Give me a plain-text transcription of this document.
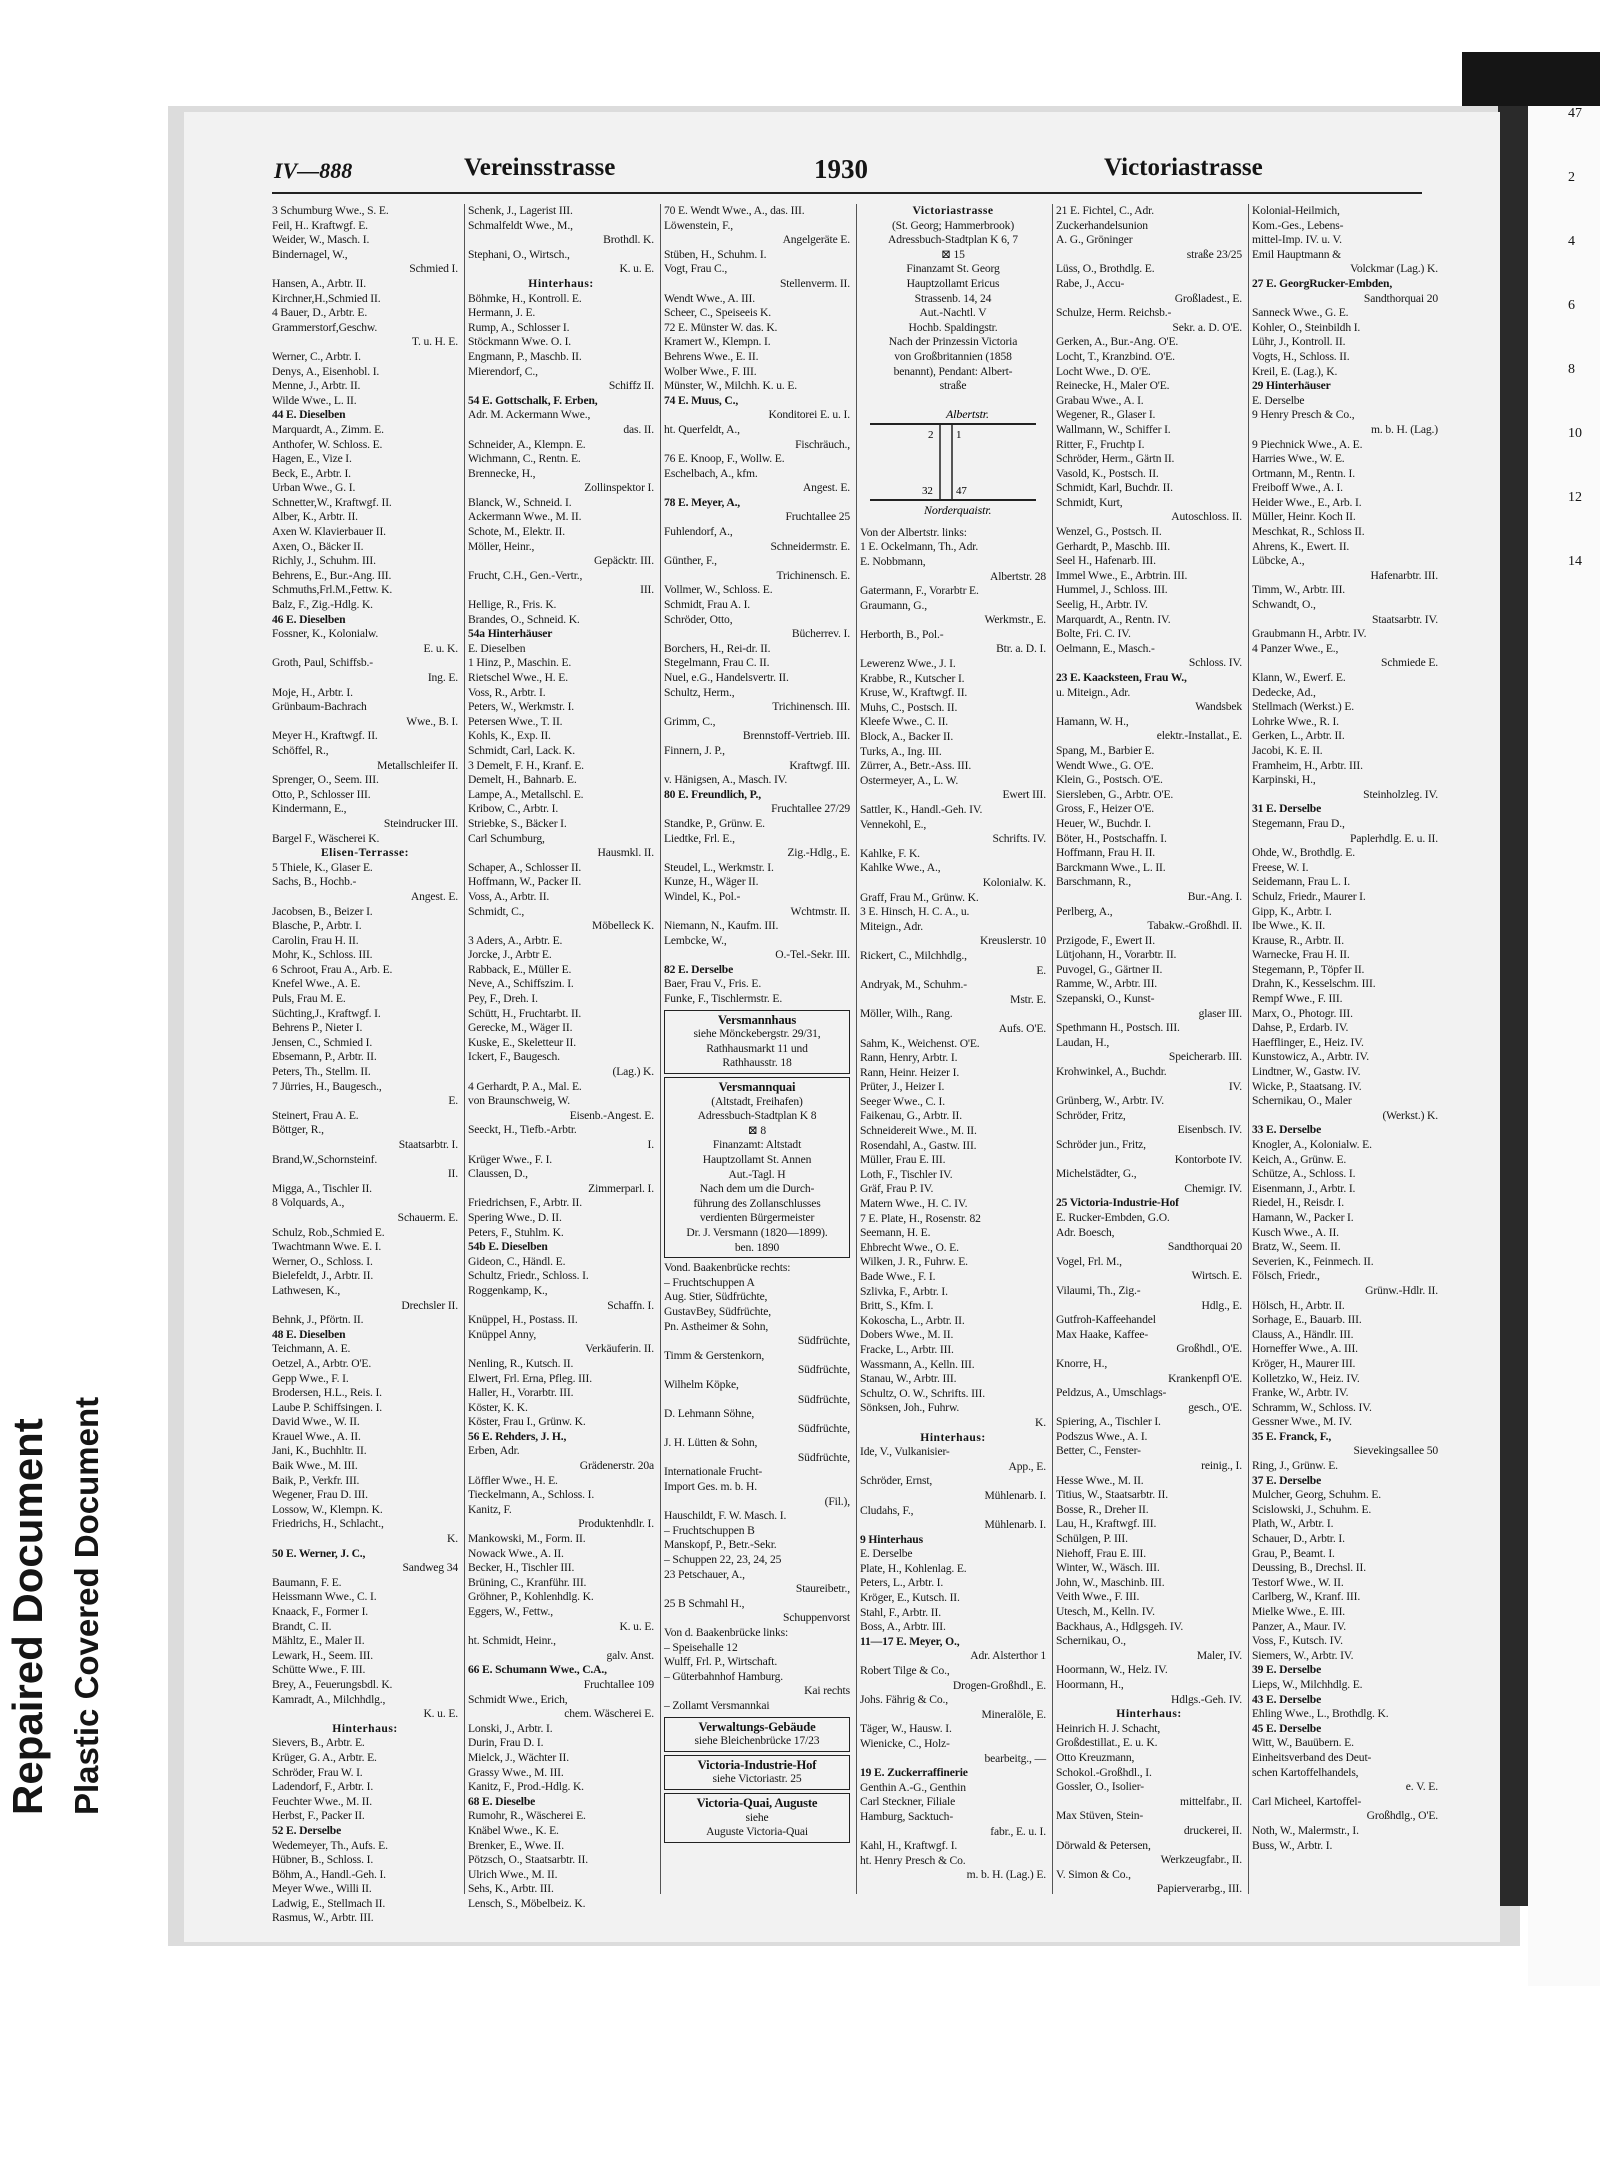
47
2
4
6
8
10
12
14
Repaired Document Plastic Covered Document
IV—888	Vereinsstrasse	1930	Victoriastrasse
3 Schumburg Wwe., S. E.
Feil, H.. Kraftwgf. E.
Weider, W., Masch. I.
Bindernagel, W.,
Schmied I.
Hansen, A., Arbtr. II.
Kirchner,H.,Schmied II.
4 Bauer, D., Arbtr. E.
Grammerstorf,Geschw.
T. u. H. E.
Werner, C., Arbtr. I.
Denys, A., Eisenhobl. I.
Menne, J., Arbtr. II.
Wilde Wwe., L. II.
44 E. Dieselben
Marquardt, A., Zimm. E.
Anthofer, W. Schloss. E.
Hagen, E., Vize I.
Beck, E., Arbtr. I.
Urban Wwe., G. I.
Schnetter,W., Kraftwgf. II.
Alber, K., Arbtr. II.
Axen W. Klavierbauer II.
Axen, O., Bäcker II.
Richly, J., Schuhm. III.
Behrens, E., Bur.-Ang. III.
Schmuths,Frl.M.,Fettw. K.
Balz, F., Zig.-Hdlg. K.
46 E. Dieselben
Fossner, K., Kolonialw.
E. u. K.
Groth, Paul, Schiffsb.-
Ing. E.
Moje, H., Arbtr. I.
Grünbaum-Bachrach
Wwe., B. I.
Meyer H., Kraftwgf. II.
Schöffel, R.,
Metallschleifer II.
Sprenger, O., Seem. III.
Otto, P., Schlosser III.
Kindermann, E.,
Steindrucker III.
Bargel F., Wäscherei K.
Elisen-Terrasse:
5 Thiele, K., Glaser E.
Sachs, B., Hochb.-
Angest. E.
Jacobsen, B., Beizer I.
Blasche, P., Arbtr. I.
Carolin, Frau H. II.
Mohr, K., Schloss. III.
6 Schroot, Frau A., Arb. E.
Knefel Wwe., A. E.
Puls, Frau M. E.
Süchting,J., Kraftwgf. I.
Behrens P., Nieter I.
Jensen, C., Schmied I.
Ebsemann, P., Arbtr. II.
Peters, Th., Stellm. II.
7 Jürries, H., Baugesch.,
E.
Steinert, Frau A. E.
Böttger, R.,
Staatsarbtr. I.
Brand,W.,Schornsteinf.
II.
Migga, A., Tischler II.
8 Volquards, A.,
Schauerm. E.
Schulz, Rob.,Schmied E.
Twachtmann Wwe. E. I.
Werner, O., Schloss. I.
Bielefeldt, J., Arbtr. II.
Lathwesen, K.,
Drechsler II.
Behnk, J., Pförtn. II.
48 E. Dieselben
Teichmann, A. E.
Oetzel, A., Arbtr. O'E.
Gepp Wwe., F. I.
Brodersen, H.L., Reis. I.
Laube P. Schiffsingen. I.
David Wwe., W. II.
Krauel Wwe., A. II.
Jani, K., Buchhltr. II.
Baik Wwe., M. III.
Baik, P., Verkfr. III.
Wegener, Frau D. III.
Lossow, W., Klempn. K.
Friedrichs, H., Schlacht.,
K.
50 E. Werner, J. C.,
Sandweg 34
Baumann, F. E.
Heissmann Wwe., C. I.
Knaack, F., Former I.
Brandt, C. II.
Mähltz, E., Maler II.
Lewark, H., Seem. III.
Schütte Wwe., F. III.
Brey, A., Feuerungsbdl. K.
Kamradt, A., Milchhdlg.,
K. u. E.
Hinterhaus:
Sievers, B., Arbtr. E.
Krüger, G. A., Arbtr. E.
Schröder, Frau W. I.
Ladendorf, F., Arbtr. I.
Feuchter Wwe., M. II.
Herbst, F., Packer II.
52 E. Derselbe
Wedemeyer, Th., Aufs. E.
Hübner, B., Schloss. I.
Böhm, A., Handl.-Geh. I.
Meyer Wwe., Willi II.
Ladwig, E., Stellmach II.
Rasmus, W., Arbtr. III.
Schenk, J., Lagerist III.
Schmalfeldt Wwe., M.,
Brothdl. K.
Stephani, O., Wirtsch.,
K. u. E.
Hinterhaus:
Böhmke, H., Kontroll. E.
Hermann, J. E.
Rump, A., Schlosser I.
Stöckmann Wwe. O. I.
Engmann, P., Maschb. II.
Mierendorf, C.,
Schiffz II.
54 E. Gottschalk, F. Erben,
Adr. M. Ackermann Wwe.,
das. II.
Schneider, A., Klempn. E.
Wichmann, C., Rentn. E.
Brennecke, H.,
Zollinspektor I.
Blanck, W., Schneid. I.
Ackermann Wwe., M. II.
Schote, M., Elektr. II.
Möller, Heinr.,
Gepäcktr. III.
Frucht, C.H., Gen.-Vertr.,
III.
Hellige, R., Fris. K.
Brandes, O., Schneid. K.
54a Hinterhäuser
E. Dieselben
1 Hinz, P., Maschin. E.
Rietschel Wwe., H. E.
Voss, R., Arbtr. I.
Peters, W., Werkmstr. I.
Petersen Wwe., T. II.
Kohls, K., Exp. II.
Schmidt, Carl, Lack. K.
3 Demelt, F. H., Kranf. E.
Demelt, H., Bahnarb. E.
Lampe, A., Metallschl. E.
Kribow, C., Arbtr. I.
Striebke, S., Bäcker I.
Carl Schumburg,
Hausmkl. II.
Schaper, A., Schlosser II.
Hoffmann, W., Packer II.
Voss, A., Arbtr. II.
Schmidt, C.,
Möbelleck K.
3 Aders, A., Arbtr. E.
Jorcke, J., Arbtr E.
Rabback, E., Müller E.
Neve, A., Schiffszim. I.
Pey, F., Dreh. I.
Schütt, H., Fruchtarbt. II.
Gerecke, M., Wäger II.
Kuske, E., Skeletteur II.
Ickert, F., Baugesch.
(Lag.) K.
4 Gerhardt, P. A., Mal. E.
von Braunschweig, W.
Eisenb.-Angest. E.
Seeckt, H., Tiefb.-Arbtr.
I.
Krüger Wwe., F. I.
Claussen, D.,
Zimmerparl. I.
Friedrichsen, F., Arbtr. II.
Spering Wwe., D. II.
Peters, F., Stuhlm. K.
54b E. Dieselben
Gideon, C., Händl. E.
Schultz, Friedr., Schloss. I.
Roggenkamp, K.,
Schaffn. I.
Knüppel, H., Postass. II.
Knüppel Anny,
Verkäuferin. II.
Nenling, R., Kutsch. II.
Elwert, Frl. Erna, Pfleg. III.
Haller, H., Vorarbtr. III.
Köster, K. K.
Köster, Frau I., Grünw. K.
56 E. Rehders, J. H.,
Erben, Adr.
Grädenerstr. 20a
Löffler Wwe., H. E.
Tieckelmann, A., Schloss. I.
Kanitz, F.
Produktenhdlr. I.
Mankowski, M., Form. II.
Nowack Wwe., A. II.
Becker, H., Tischler III.
Brüning, C., Kranführ. III.
Gröhner, P., Kohlenhdlg. K.
Eggers, W., Fettw.,
K. u. E.
ht. Schmidt, Heinr.,
galv. Anst.
66 E. Schumann Wwe., C.A.,
Fruchtallee 109
Schmidt Wwe., Erich,
chem. Wäscherei E.
Lonski, J., Arbtr. I.
Durin, Frau D. I.
Mielck, J., Wächter II.
Grassy Wwe., M. III.
Kanitz, F., Prod.-Hdlg. K.
68 E. Dieselbe
Rumohr, R., Wäscherei E.
Knäbel Wwe., K. E.
Brenker, E., Wwe. II.
Pötzsch, O., Staatsarbtr. II.
Ulrich Wwe., M. II.
Sehs, K., Arbtr. III.
Lensch, S., Möbelbeiz. K.
70 E. Wendt Wwe., A., das. III.
Löwenstein, F.,
Angelgeräte E.
Stüben, H., Schuhm. I.
Vogt, Frau C.,
Stellenverm. II.
Wendt Wwe., A. III.
Scheer, C., Speiseeis K.
72 E. Münster W. das. K.
Kramert W., Klempn. I.
Behrens Wwe., E. II.
Wolber Wwe., F. III.
Münster, W., Milchh. K. u. E.
74 E. Muus, C.,
Konditorei E. u. I.
ht. Querfeldt, A.,
Fischräuch.,
76 E. Knoop, F., Wollw. E.
Eschelbach, A., kfm.
Angest. E.
78 E. Meyer, A.,
Fruchtallee 25
Fuhlendorf, A.,
Schneidermstr. E.
Günther, F.,
Trichinensch. E.
Vollmer, W., Schloss. E.
Schmidt, Frau A. I.
Schröder, Otto,
Bücherrev. I.
Borchers, H., Rei-dr. II.
Stegelmann, Frau C. II.
Nuel, e.G., Handelsvertr. II.
Schultz, Herm.,
Trichinensch. III.
Grimm, C.,
Brennstoff-Vertrieb. III.
Finnern, J. P.,
Kraftwgf. III.
v. Hänigsen, A., Masch. IV.
80 E. Freundlich, P.,
Fruchtallee 27/29
Standke, P., Grünw. E.
Liedtke, Frl. E.,
Zig.-Hdlg., E.
Steudel, L., Werkmstr. I.
Kunze, H., Wäger II.
Windel, K., Pol.-
Wchtmstr. II.
Niemann, N., Kaufm. III.
Lembcke, W.,
O.-Tel.-Sekr. III.
82 E. Derselbe
Baer, Frau V., Fris. E.
Funke, F., Tischlermstr. E.
Versmannhaus
siehe Mönckebergstr. 29/31,
Rathhausmarkt 11 und
Rathhausstr. 18
Versmannquai
(Altstadt, Freihafen)
Adressbuch-Stadtplan K 8
⊠ 8
Finanzamt: Altstadt
Hauptzollamt St. Annen
Aut.-Tagl. H
Nach dem um die Durch-
führung des Zollanschlusses
verdienten Bürgermeister
Dr. J. Versmann (1820—1899).
ben. 1890
Vond. Baakenbrücke rechts:
– Fruchtschuppen A
Aug. Stier, Südfrüchte,
GustavBey, Südfrüchte,
Pn. Astheimer & Sohn,
Südfrüchte,
Timm & Gerstenkorn,
Südfrüchte,
Wilhelm Köpke,
Südfrüchte,
D. Lehmann Söhne,
Südfrüchte,
J. H. Lütten & Sohn,
Südfrüchte,
Internationale Frucht-
Import Ges. m. b. H.
(Fil.),
Hauschildt, F. W. Masch. I.
– Fruchtschuppen B
Manskopf, P., Betr.-Sekr.
– Schuppen 22, 23, 24, 25
23 Petschauer, A.,
Staureibetr.,
25 B Schmahl H.,
Schuppenvorst
Von d. Baakenbrücke links:
– Speisehalle 12
Wulff, Frl. P., Wirtschaft.
– Güterbahnhof Hamburg.
Kai rechts
– Zollamt Versmannkai
Verwaltungs-Gebäude
siehe Bleichenbrücke 17/23
Victoria-Industrie-Hof
siehe Victoriastr. 25
Victoria-Quai, Auguste
siehe
Auguste Victoria-Quai
Victoriastrasse
(St. Georg; Hammerbrook)
Adressbuch-Stadtplan K 6, 7
⊠ 15
Finanzamt St. Georg
Hauptzollamt Ericus
Strassenb. 14, 24
Aut.-Nachtl. V
Hochb. Spaldingstr.
Nach der Prinzessin Victoria
von Großbritannien (1858
benannt), Pendant: Albert-
straße
Albertstr.
Norderquaistr.
2 1
32 47
Von der Albertstr. links:
1 E. Ockelmann, Th., Adr.
E. Nobbmann,
Albertstr. 28
Gatermann, F., Vorarbtr E.
Graumann, G.,
Werkmstr., E.
Herborth, B., Pol.-
Btr. a. D. I.
Lewerenz Wwe., J. I.
Krabbe, R., Kutscher I.
Kruse, W., Kraftwgf. II.
Muhs, C., Postsch. II.
Kleefe Wwe., C. II.
Block, A., Backer II.
Turks, A., Ing. III.
Zürrer, A., Betr.-Ass. III.
Ostermeyer, A., L. W.
Ewert III.
Sattler, K., Handl.-Geh. IV.
Vennekohl, E.,
Schrifts. IV.
Kahlke, F. K.
Kahlke Wwe., A.,
Kolonialw. K.
Graff, Frau M., Grünw. K.
3 E. Hinsch, H. C. A., u.
Miteign., Adr.
Kreuslerstr. 10
Rickert, C., Milchhdlg.,
E.
Andryak, M., Schuhm.-
Mstr. E.
Möller, Wilh., Rang.
Aufs. O'E.
Sahm, K., Weichenst. O'E.
Rann, Henry, Arbtr. I.
Rann, Heinr. Heizer I.
Prüter, J., Heizer I.
Seeger Wwe., C. I.
Faikenau, G., Arbtr. II.
Schneidereit Wwe., M. II.
Rosendahl, A., Gastw. III.
Müller, Frau E. III.
Loth, F., Tischler IV.
Gräf, Frau P. IV.
Matern Wwe., H. C. IV.
7 E. Plate, H., Rosenstr. 82
Seemann, H. E.
Ehbrecht Wwe., O. E.
Wilken, J. R., Fuhrw. E.
Bade Wwe., F. I.
Szlivka, F., Arbtr. I.
Britt, S., Kfm. I.
Kokoscha, L., Arbtr. II.
Dobers Wwe., M. II.
Fracke, L., Arbtr. III.
Wassmann, A., Kelln. III.
Stanau, W., Arbtr. III.
Schultz, O. W., Schrifts. III.
Sönksen, Joh., Fuhrw.
K.
Hinterhaus:
Ide, V., Vulkanisier-
App., E.
Schröder, Ernst,
Mühlenarb. I.
Cludahs, F.,
Mühlenarb. I.
9 Hinterhaus
E. Derselbe
Plate, H., Kohlenlag. E.
Peters, L., Arbtr. I.
Kröger, E., Kutsch. II.
Stahl, F., Arbtr. II.
Boss, A., Arbtr. III.
11—17 E. Meyer, O.,
Adr. Alsterthor 1
Robert Tilge & Co.,
Drogen-Großhdl., E.
Johs. Fährig & Co.,
Mineralöle, E.
Täger, W., Hausw. I.
Wienicke, C., Holz-
bearbeitg., —
19 E. Zuckerraffinerie
Genthin A.-G., Genthin
Carl Steckner, Filiale
Hamburg, Sacktuch-
fabr., E. u. I.
Kahl, H., Kraftwgf. I.
ht. Henry Presch & Co.
m. b. H. (Lag.) E.
21 E. Fichtel, C., Adr.
Zuckerhandelsunion
A. G., Gröninger
straße 23/25
Lüss, O., Brothdlg. E.
Rabe, J., Accu-
Großladest., E.
Schulze, Herm. Reichsb.-
Sekr. a. D. O'E.
Gerken, A., Bur.-Ang. O'E.
Locht, T., Kranzbind. O'E.
Locht Wwe., D. O'E.
Reinecke, H., Maler O'E.
Grabau Wwe., A. I.
Wegener, R., Glaser I.
Wallmann, W., Schiffer I.
Ritter, F., Fruchtp I.
Schröder, Herm., Gärtn II.
Vasold, K., Postsch. II.
Schmidt, Karl, Buchdr. II.
Schmidt, Kurt,
Autoschloss. II.
Wenzel, G., Postsch. II.
Gerhardt, P., Maschb. III.
Seel H., Hafenarb. III.
Immel Wwe., E., Arbtrin. III.
Hummel, J., Schloss. III.
Seelig, H., Arbtr. IV.
Marquardt, A., Rentn. IV.
Bolte, Fri. C. IV.
Oelmann, E., Masch.-
Schloss. IV.
23 E. Kaacksteen, Frau W.,
u. Miteign., Adr.
Wandsbek
Hamann, W. H.,
elektr.-Installat., E.
Spang, M., Barbier E.
Wendt Wwe., G. O'E.
Klein, G., Postsch. O'E.
Siersleben, G., Arbtr. O'E.
Gross, F., Heizer O'E.
Heuer, W., Buchdr. I.
Böter, H., Postschaffn. I.
Hoffmann, Frau H. II.
Barckmann Wwe., L. II.
Barschmann, R.,
Bur.-Ang. I.
Perlberg, A.,
Tabakw.-Großhdl. II.
Przigode, F., Ewert II.
Lütjohann, H., Vorarbtr. II.
Puvogel, G., Gärtner II.
Ramme, W., Arbtr. III.
Szepanski, O., Kunst-
glaser III.
Spethmann H., Postsch. III.
Laudan, H.,
Speicherarb. III.
Krohwinkel, A., Buchdr.
IV.
Grünberg, W., Arbtr. IV.
Schröder, Fritz,
Eisenbsch. IV.
Schröder jun., Fritz,
Kontorbote IV.
Michelstädter, G.,
Chemigr. IV.
25 Victoria-Industrie-Hof
E. Rucker-Embden, G.O.
Adr. Boesch,
Sandthorquai 20
Vogel, Frl. M.,
Wirtsch. E.
Vilaumi, Th., Zig.-
Hdlg., E.
Gutfroh-Kaffeehandel
Max Haake, Kaffee-
Großhdl., O'E.
Knorre, H.,
Krankenpfl O'E.
Peldzus, A., Umschlags-
gesch., O'E.
Spiering, A., Tischler I.
Podszus Wwe., A. I.
Better, C., Fenster-
reinig., I.
Hesse Wwe., M. II.
Titius, W., Staatsarbtr. II.
Bosse, R., Dreher II.
Lau, H., Kraftwgf. III.
Schülgen, P. III.
Niehoff, Frau E. III.
Winter, W., Wäsch. III.
John, W., Maschinb. III.
Veith Wwe., F. III.
Utesch, M., Kelln. IV.
Backhaus, A., Hdlgsgeh. IV.
Schernikau, O.,
Maler, IV.
Hoormann, W., Helz. IV.
Hoormann, H.,
Hdlgs.-Geh. IV.
Hinterhaus:
Heinrich H. J. Schacht,
Großdestillat., E. u. K.
Otto Kreuzmann,
Schokol.-Großhdl., I.
Gossler, O., Isolier-
mittelfabr., II.
Max Stüven, Stein-
druckerei, II.
Dörwald & Petersen,
Werkzeugfabr., II.
V. Simon & Co.,
Papierverarbg., III.
Kolonial-Heilmich,
Kom.-Ges., Lebens-
mittel-Imp. IV. u. V.
Emil Hauptmann &
Volckmar (Lag.) K.
27 E. GeorgRucker-Embden,
Sandthorquai 20
Sanneck Wwe., G. E.
Kohler, O., Steinbildh I.
Lühr, J., Kontroll. II.
Vogts, H., Schloss. II.
Kreil, E. (Lag.), K.
29 Hinterhäuser
E. Derselbe
9 Henry Presch & Co.,
m. b. H. (Lag.)
9 Piechnick Wwe., A. E.
Harries Wwe., W. E.
Ortmann, M., Rentn. I.
Freiboff Wwe., A. I.
Heider Wwe., E., Arb. I.
Müller, Heinr. Koch II.
Meschkat, R., Schloss II.
Ahrens, K., Ewert. II.
Lübcke, A.,
Hafenarbtr. III.
Timm, W., Arbtr. III.
Schwandt, O.,
Staatsarbtr. IV.
Graubmann H., Arbtr. IV.
4 Panzer Wwe., E.,
Schmiede E.
Klann, W., Ewerf. E.
Dedecke, Ad.,
Stellmach (Werkst.) E.
Lohrke Wwe., R. I.
Gerken, L., Arbtr. II.
Jacobi, K. E. II.
Framheim, H., Arbtr. III.
Karpinski, H.,
Steinholzleg. IV.
31 E. Derselbe
Stegemann, Frau D.,
Paplerhdlg. E. u. II.
Ohde, W., Brothdlg. E.
Freese, W. I.
Seidemann, Frau L. I.
Schulz, Friedr., Maurer I.
Gipp, K., Arbtr. I.
Ibe Wwe., K. II.
Krause, R., Arbtr. II.
Warnecke, Frau H. II.
Stegemann, P., Töpfer II.
Drahn, K., Kesselschm. III.
Rempf Wwe., F. III.
Marx, O., Photogr. III.
Dahse, P., Erdarb. IV.
Haefflinger, E., Heiz. IV.
Kunstowicz, A., Arbtr. IV.
Lindtner, W., Gastw. IV.
Wicke, P., Staatsang. IV.
Schernikau, O., Maler
(Werkst.) K.
33 E. Derselbe
Knogler, A., Kolonialw. E.
Keich, A., Grünw. E.
Schütze, A., Schloss. I.
Eisenmann, J., Arbtr. I.
Riedel, H., Reisdr. I.
Hamann, W., Packer I.
Kusch Wwe., A. II.
Bratz, W., Seem. II.
Severien, K., Feinmech. II.
Fölsch, Friedr.,
Grünw.-Hdlr. II.
Hölsch, H., Arbtr. II.
Sorhage, E., Bauarb. III.
Clauss, A., Händlr. III.
Horneffer Wwe., A. III.
Kröger, H., Maurer III.
Kolletzko, W., Heiz. IV.
Franke, W., Arbtr. IV.
Schramm, W., Schloss. IV.
Gessner Wwe., M. IV.
35 E. Franck, F.,
Sievekingsallee 50
Ring, J., Grünw. E.
37 E. Derselbe
Mulcher, Georg, Schuhm. E.
Scislowski, J., Schuhm. E.
Plath, W., Arbtr. I.
Schauer, D., Arbtr. I.
Grau, P., Beamt. I.
Deussing, B., Drechsl. II.
Testorf Wwe., W. II.
Carlberg, W., Kranf. III.
Mielke Wwe., E. III.
Panzer, A., Maur. IV.
Voss, F., Kutsch. IV.
Siemers, W., Arbtr. IV.
39 E. Derselbe
Lieps, W., Milchhdlg. E.
43 E. Derselbe
Ehling Wwe., L., Brothdlg. K.
45 E. Derselbe
Witt, W., Bauübern. E.
Einheitsverband des Deut-
schen Kartoffelhandels,
e. V. E.
Carl Micheel, Kartoffel-
Großhdlg., O'E.
Noth, W., Malermstr., I.
Buss, W., Arbtr. I.
